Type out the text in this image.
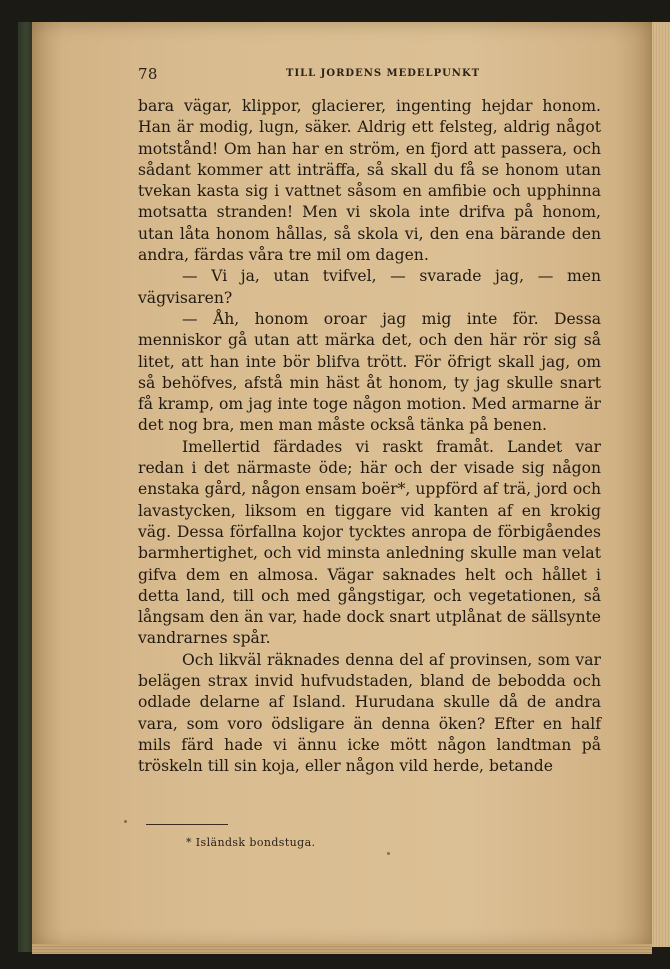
78	TILL JORDENS MEDELPUNKT

bara vägar, klippor, glacierer, ingenting hejdar honom. Han är modig, lugn, säker. Aldrig ett felsteg, aldrig något motstånd! Om han har en ström, en fjord att passera, och sådant kommer att inträffa, så skall du få se honom utan tvekan kasta sig i vattnet såsom en amfibie och upphinna motsatta stranden! Men vi skola inte drifva på honom, utan låta honom hållas, så skola vi, den ena bärande den andra, färdas våra tre mil om dagen.

— Vi ja, utan tvifvel, — svarade jag, — men vägvisaren?

— Åh, honom oroar jag mig inte för. Dessa menniskor gå utan att märka det, och den här rör sig så litet, att han inte bör blifva trött. För öfrigt skall jag, om så behöfves, afstå min häst åt honom, ty jag skulle snart få kramp, om jag inte toge någon motion. Med armarne är det nog bra, men man måste också tänka på benen.

Imellertid färdades vi raskt framåt. Landet var redan i det närmaste öde; här och der visade sig någon enstaka gård, någon ensam boër*, uppförd af trä, jord och lavastycken, liksom en tiggare vid kanten af en krokig väg. Dessa förfallna kojor tycktes anropa de förbigåendes barmhertighet, och vid minsta anledning skulle man velat gifva dem en almosa. Vägar saknades helt och hållet i detta land, till och med gångstigar, och vegetationen, så långsam den än var, hade dock snart utplånat de sällsynte vandrarnes spår.

Och likväl räknades denna del af provinsen, som var belägen strax invid hufvudstaden, bland de bebodda och odlade delarne af Island. Hurudana skulle då de andra vara, som voro ödsligare än denna öken? Efter en half mils färd hade vi ännu icke mött någon landtman på tröskeln till sin koja, eller någon vild herde, betande

* Isländsk bondstuga.
